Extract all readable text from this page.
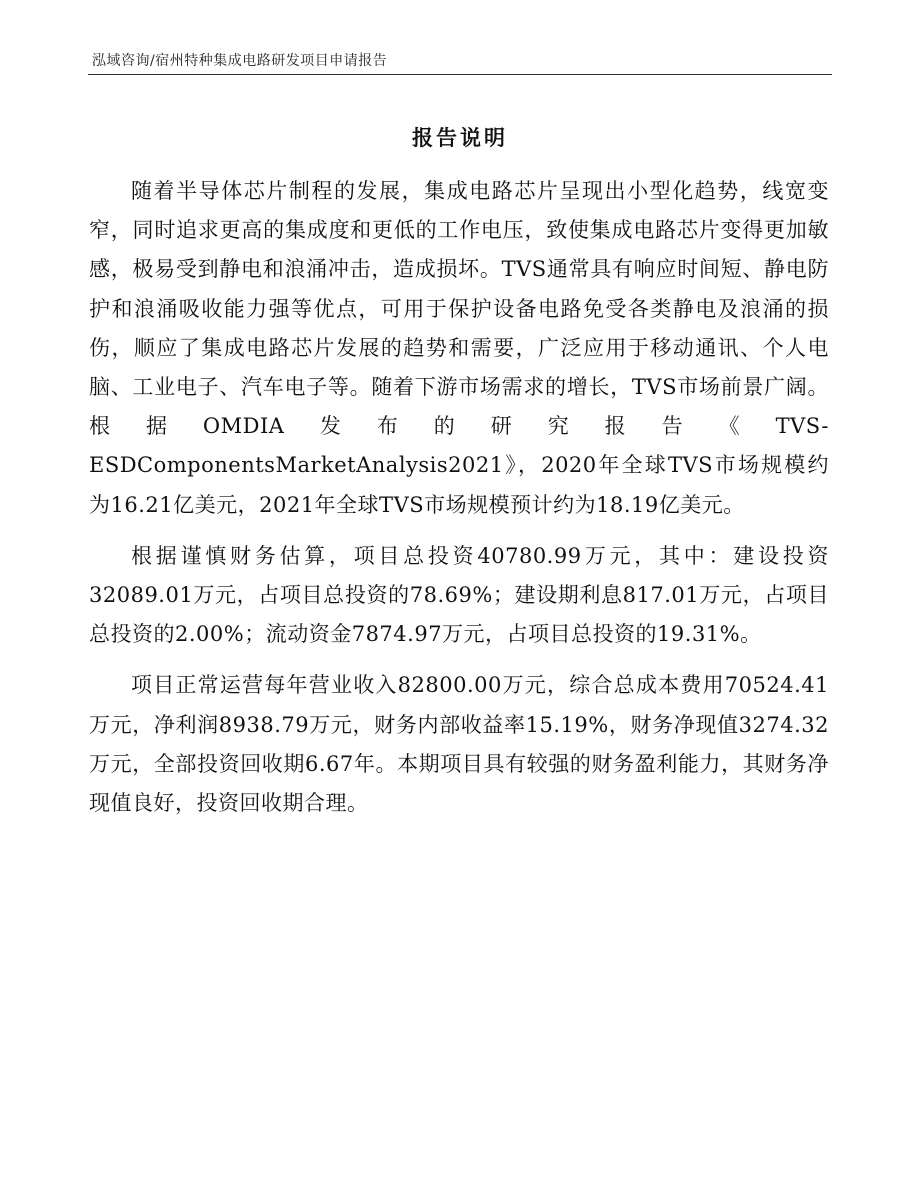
泓域咨询/宿州特种集成电路研发项目申请报告
报告说明

随着半导体芯片制程的发展，集成电路芯片呈现出小型化趋势，线宽变窄，同时追求更高的集成度和更低的工作电压，致使集成电路芯片变得更加敏感，极易受到静电和浪涌冲击，造成损坏。TVS通常具有响应时间短、静电防护和浪涌吸收能力强等优点，可用于保护设备电路免受各类静电及浪涌的损伤，顺应了集成电路芯片发展的趋势和需要，广泛应用于移动通讯、个人电脑、工业电子、汽车电子等。随着下游市场需求的增长，TVS市场前景广阔。根据OMDIA发布的研究报告《TVS-ESDComponentsMarketAnalysis2021》，2020年全球TVS市场规模约为16.21亿美元，2021年全球TVS市场规模预计约为18.19亿美元。

根据谨慎财务估算，项目总投资40780.99万元，其中：建设投资32089.01万元，占项目总投资的78.69%；建设期利息817.01万元，占项目总投资的2.00%；流动资金7874.97万元，占项目总投资的19.31%。

项目正常运营每年营业收入82800.00万元，综合总成本费用70524.41万元，净利润8938.79万元，财务内部收益率15.19%，财务净现值3274.32万元，全部投资回收期6.67年。本期项目具有较强的财务盈利能力，其财务净现值良好，投资回收期合理。
